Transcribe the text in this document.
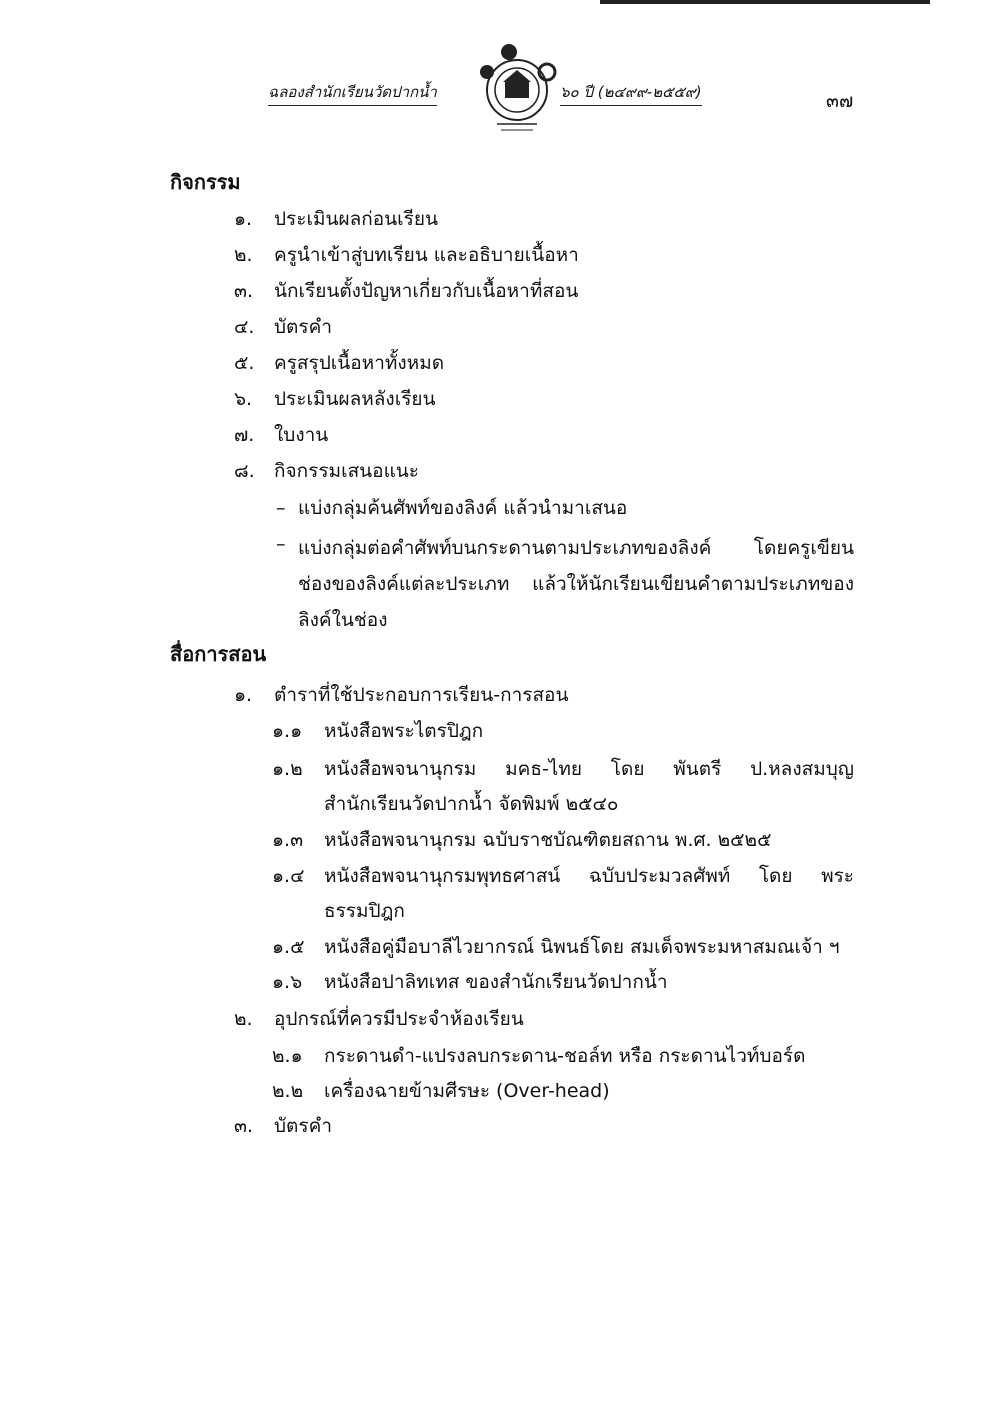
ฉลองสำนักเรียนวัดปากน้ำ	๖๐ ปี (๒๔๙๙-๒๕๕๙)	๓๗
กิจกรรม
๑. ประเมินผลก่อนเรียน
๒. ครูนำเข้าสู่บทเรียน และอธิบายเนื้อหา
๓. นักเรียนตั้งปัญหาเกี่ยวกับเนื้อหาที่สอน
๔. บัตรคำ
๕. ครูสรุปเนื้อหาทั้งหมด
๖. ประเมินผลหลังเรียน
๗. ใบงาน
๘. กิจกรรมเสนอแนะ
– แบ่งกลุ่มค้นศัพท์ของลิงค์ แล้วนำมาเสนอ
– แบ่งกลุ่มต่อคำศัพท์บนกระดานตามประเภทของลิงค์ โดยครูเขียน
ช่องของลิงค์แต่ละประเภท แล้วให้นักเรียนเขียนคำตามประเภทของ
ลิงค์ในช่อง
สื่อการสอน
๑. ตำราที่ใช้ประกอบการเรียน-การสอน
๑.๑ หนังสือพระไตรปิฎก
๑.๒ หนังสือพจนานุกรม มคธ-ไทย โดย พันตรี ป.หลงสมบุญ
สำนักเรียนวัดปากน้ำ จัดพิมพ์ ๒๕๔๐
๑.๓ หนังสือพจนานุกรม ฉบับราชบัณฑิตยสถาน พ.ศ. ๒๕๒๕
๑.๔ หนังสือพจนานุกรมพุทธศาสน์ ฉบับประมวลศัพท์ โดย พระ
ธรรมปิฎก
๑.๕ หนังสือคู่มือบาลีไวยากรณ์ นิพนธ์โดย สมเด็จพระมหาสมณเจ้า ฯ
๑.๖ หนังสือปาลิทเทส ของสำนักเรียนวัดปากน้ำ
๒. อุปกรณ์ที่ควรมีประจำห้องเรียน
๒.๑ กระดานดำ-แปรงลบกระดาน-ชอล์ท หรือ กระดานไวท์บอร์ด
๒.๒ เครื่องฉายข้ามศีรษะ (Over-head)
๓. บัตรคำ
